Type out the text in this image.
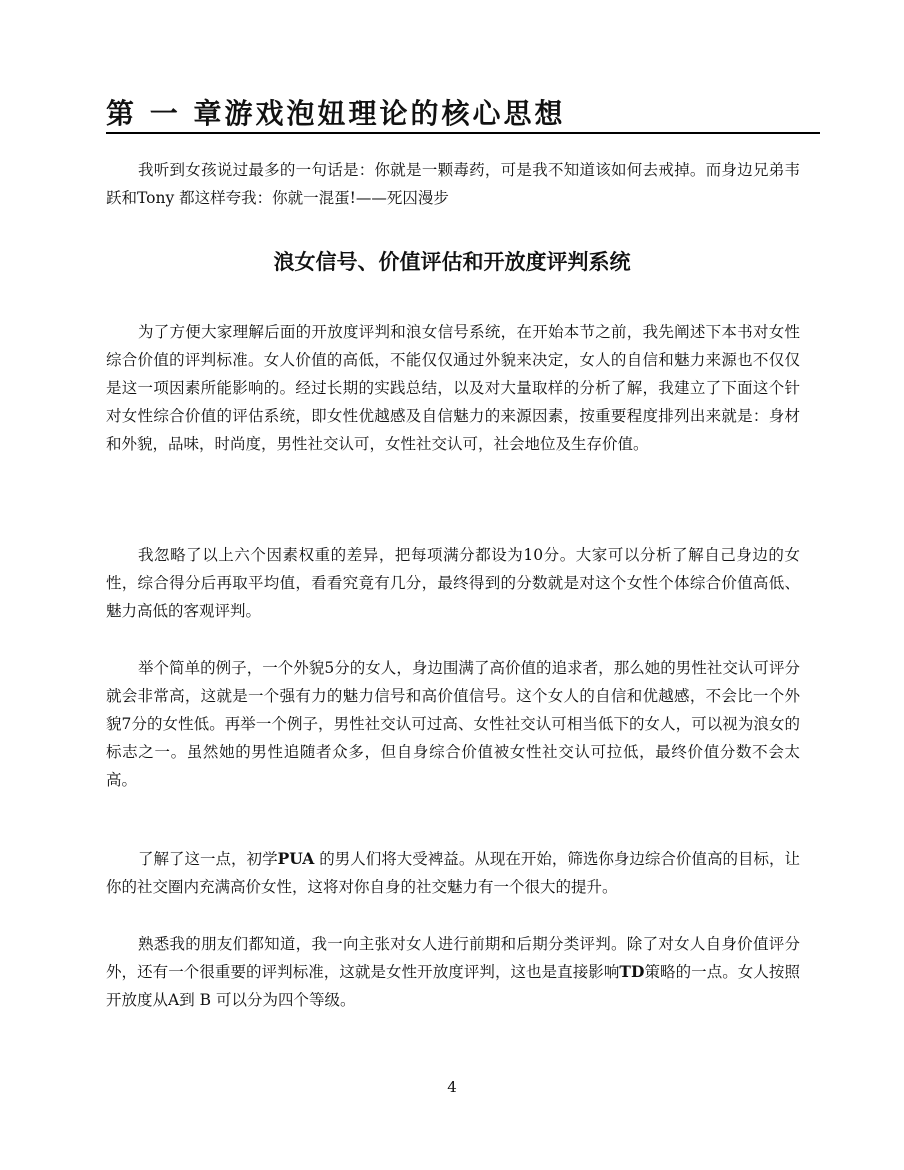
第 一 章游戏泡妞理论的核心思想

我听到女孩说过最多的一句话是：你就是一颗毒药，可是我不知道该如何去戒掉。而身边兄弟韦跃和Tony 都这样夸我：你就一混蛋!——死囚漫步

浪女信号、价值评估和开放度评判系统

为了方便大家理解后面的开放度评判和浪女信号系统，在开始本节之前，我先阐述下本书对女性综合价值的评判标准。女人价值的高低，不能仅仅通过外貌来决定，女人的自信和魅力来源也不仅仅是这一项因素所能影响的。经过长期的实践总结，以及对大量取样的分析了解，我建立了下面这个针对女性综合价值的评估系统，即女性优越感及自信魅力的来源因素，按重要程度排列出来就是：身材和外貌，品味，时尚度，男性社交认可，女性社交认可，社会地位及生存价值。

我忽略了以上六个因素权重的差异，把每项满分都设为10分。大家可以分析了解自己身边的女性，综合得分后再取平均值，看看究竟有几分，最终得到的分数就是对这个女性个体综合价值高低、魅力高低的客观评判。

举个简单的例子，一个外貌5分的女人，身边围满了高价值的追求者，那么她的男性社交认可评分就会非常高，这就是一个强有力的魅力信号和高价值信号。这个女人的自信和优越感，不会比一个外貌7分的女性低。再举一个例子，男性社交认可过高、女性社交认可相当低下的女人，可以视为浪女的标志之一。虽然她的男性追随者众多，但自身综合价值被女性社交认可拉低，最终价值分数不会太高。

了解了这一点，初学PUA 的男人们将大受裨益。从现在开始，筛选你身边综合价值高的目标，让你的社交圈内充满高价女性，这将对你自身的社交魅力有一个很大的提升。

熟悉我的朋友们都知道，我一向主张对女人进行前期和后期分类评判。除了对女人自身价值评分外，还有一个很重要的评判标准，这就是女性开放度评判，这也是直接影响TD策略的一点。女人按照开放度从A到 B 可以分为四个等级。

4
